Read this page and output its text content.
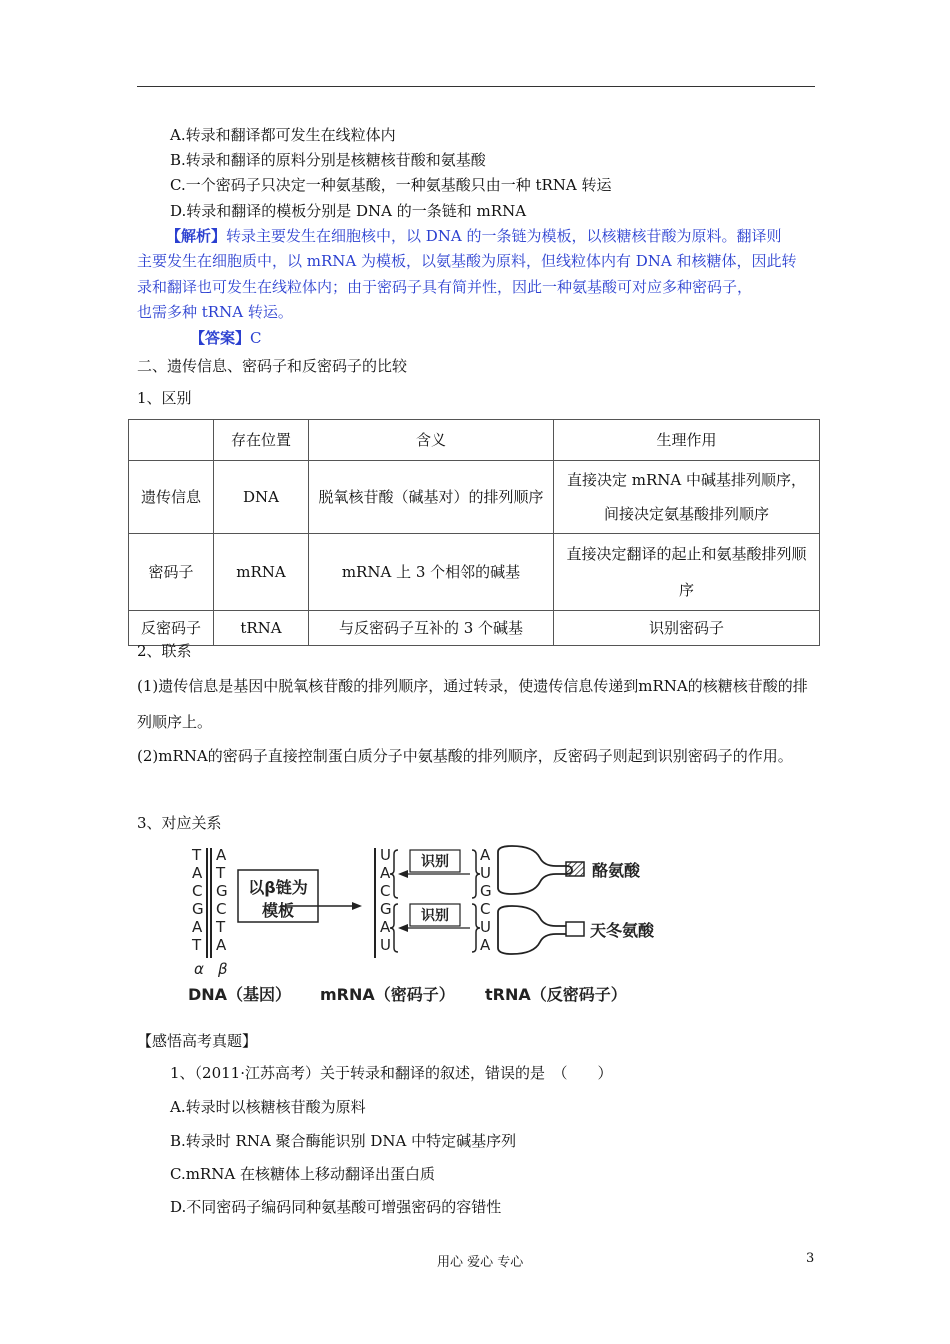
A.转录和翻译都可发生在线粒体内
B.转录和翻译的原料分别是核糖核苷酸和氨基酸
C.一个密码子只决定一种氨基酸，一种氨基酸只由一种 tRNA 转运
D.转录和翻译的模板分别是 DNA 的一条链和 mRNA
【解析】转录主要发生在细胞核中，以 DNA 的一条链为模板，以核糖核苷酸为原料。翻译则
主要发生在细胞质中，以 mRNA 为模板，以氨基酸为原料，但线粒体内有 DNA 和核糖体，因此转
录和翻译也可发生在线粒体内；由于密码子具有简并性，因此一种氨基酸可对应多种密码子，
也需多种 tRNA 转运。
【答案】C
二、遗传信息、密码子和反密码子的比较
1、区别
	存在位置	含义	生理作用
遗传信息	DNA	脱氧核苷酸（碱基对）的排列顺序	直接决定 mRNA 中碱基排列顺序，间接决定氨基酸排列顺序
密码子	mRNA	mRNA 上 3 个相邻的碱基	直接决定翻译的起止和氨基酸排列顺序
反密码子	tRNA	与反密码子互补的 3 个碱基	识别密码子
2、联系
(1)遗传信息是基因中脱氧核苷酸的排列顺序，通过转录，使遗传信息传递到mRNA的核糖核苷酸的排列顺序上。
(2)mRNA的密码子直接控制蛋白质分子中氨基酸的排列顺序，反密码子则起到识别密码子的作用。
3、对应关系
T
A
C
G
A
T
α
A
T
G
C
T
A
β
以β链为
模板
U
A
C
G
A
U
识别
识别
A
U
G
C
U
A
酪氨酸
天冬氨酸
DNA（基因） mRNA（密码子） tRNA（反密码子）
【感悟高考真题】
1、（2011·江苏高考）关于转录和翻译的叙述，错误的是　（　　）
A.转录时以核糖核苷酸为原料
B.转录时 RNA 聚合酶能识别 DNA 中特定碱基序列
C.mRNA 在核糖体上移动翻译出蛋白质
D.不同密码子编码同种氨基酸可增强密码的容错性
用心 爱心 专心	3
